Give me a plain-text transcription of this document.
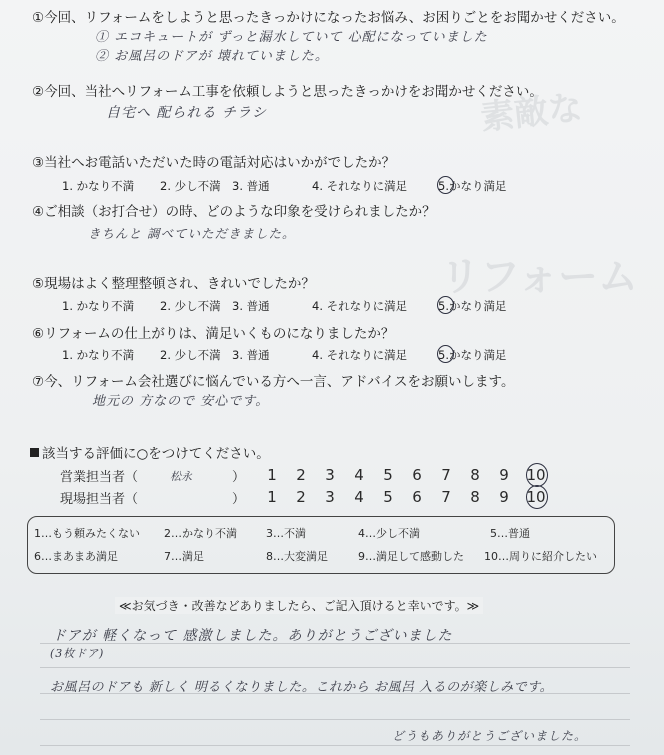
素敵な
リフォーム
①今回、リフォームをしようと思ったきっかけになったお悩み、お困りごとをお聞かせください。
① エコキュートが ずっと漏水していて 心配になっていました
② お風呂のドアが 壊れていました。
②今回、当社へリフォーム工事を依頼しようと思ったきっかけをお聞かせください。
自宅へ 配られる チラシ
③当社へお電話いただいた時の電話対応はいかがでしたか？
1. かなり不満 2. 少し不満 3. 普通	4. それなりに満足	5.かなり満足
④ご相談（お打合せ）の時、どのような印象を受けられましたか？
きちんと 調べていただきました。
⑤現場はよく整理整頓され、きれいでしたか？
1. かなり不満 2. 少し不満 3. 普通	4. それなりに満足	5.かなり満足
⑥リフォームの仕上がりは、満足いくものになりましたか？
1. かなり不満 2. 少し不満 3. 普通	4. それなりに満足	5.かなり満足
⑦今、リフォーム会社選びに悩んでいる方へ一言、アドバイスをお願いします。
地元の 方なので 安心です。
該当する評価に○をつけてください。
営業担当者（	松永	）	1	2	3	4	5	6	7	8	9	10
現場担当者（	）	1	2	3	4	5	6	7	8	9	10
1…もう頼みたくない 2…かなり不満	3…不満	4…少し不満	5…普通
6…まあまあ満足	7…満足	8…大変満足	9…満足して感動した 10…周りに紹介したい
≪お気づき・改善などありましたら、ご記入頂けると幸いです。≫
ドアが 軽くなって 感激しました。ありがとうございました
(3枚ドア)
お風呂のドアも 新しく 明るくなりました。これから お風呂 入るのが楽しみです。
どうもありがとうございました。
